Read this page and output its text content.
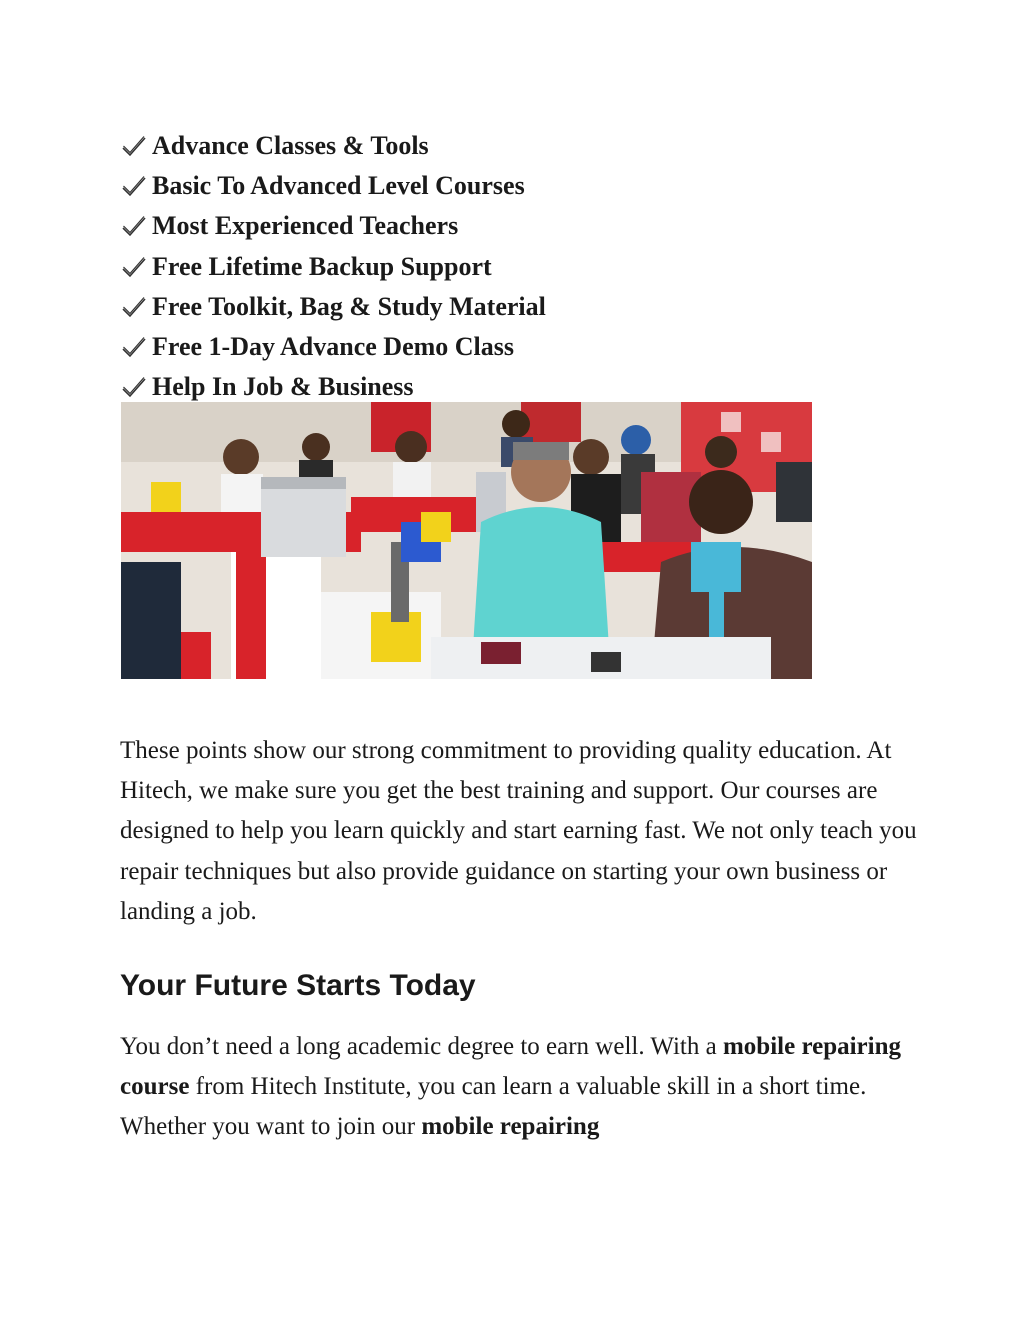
Advance Classes & Tools
Basic To Advanced Level Courses
Most Experienced Teachers
Free Lifetime Backup Support
Free Toolkit, Bag & Study Material
Free 1-Day Advance Demo Class
Help In Job & Business

These points show our strong commitment to providing quality education. At Hitech, we make sure you get the best training and support. Our courses are designed to help you learn quickly and start earning fast. We not only teach you repair techniques but also provide guidance on starting your own business or landing a job.

Your Future Starts Today

You don’t need a long academic degree to earn well. With a mobile repairing course from Hitech Institute, you can learn a valuable skill in a short time. Whether you want to join our mobile repairing
